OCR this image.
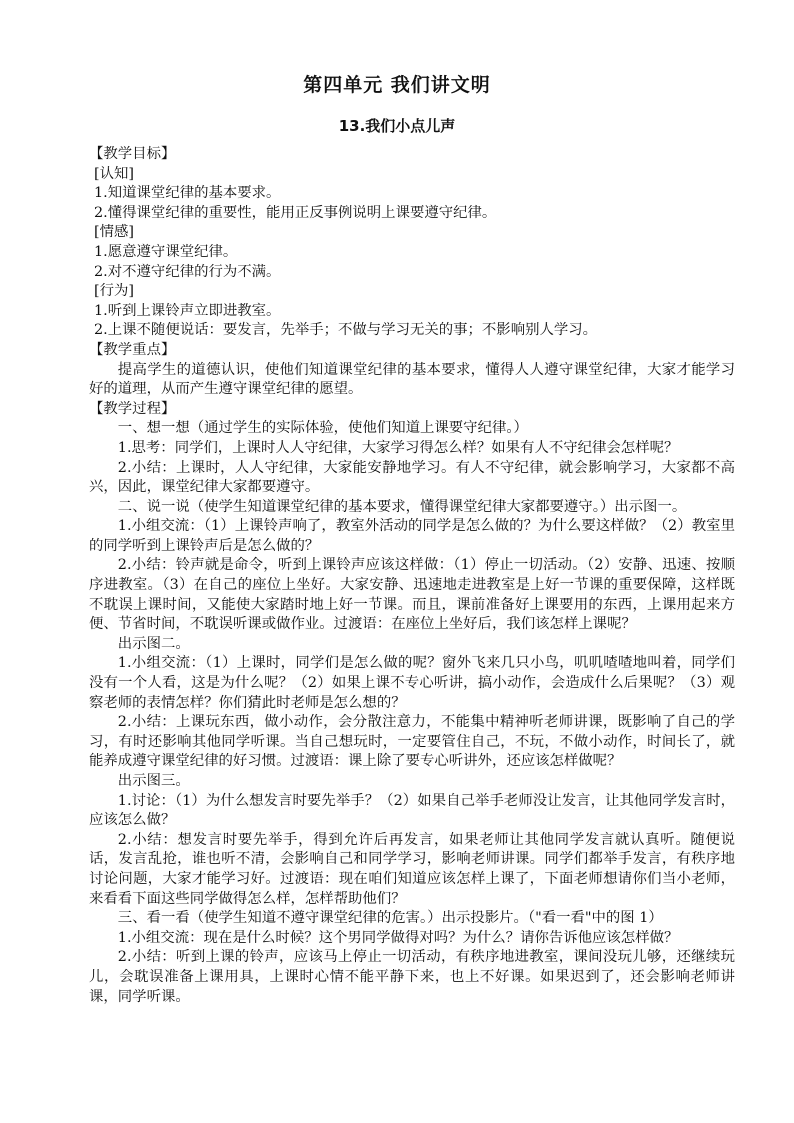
第四单元 我们讲文明
13.我们小点儿声

【教学目标】

[认知]

1.知道课堂纪律的基本要求。

2.懂得课堂纪律的重要性，能用正反事例说明上课要遵守纪律。

[情感]

1.愿意遵守课堂纪律。

2.对不遵守纪律的行为不满。

[行为]

1.听到上课铃声立即进教室。

2.上课不随便说话：要发言，先举手；不做与学习无关的事；不影响别人学习。

【教学重点】

提高学生的道德认识，使他们知道课堂纪律的基本要求，懂得人人遵守课堂纪律，大家才能学习好的道理，从而产生遵守课堂纪律的愿望。

【教学过程】

一、想一想（通过学生的实际体验，使他们知道上课要守纪律。）

1.思考：同学们，上课时人人守纪律，大家学习得怎么样？如果有人不守纪律会怎样呢？

2.小结：上课时，人人守纪律，大家能安静地学习。有人不守纪律，就会影响学习，大家都不高兴，因此，课堂纪律大家都要遵守。

二、说一说（使学生知道课堂纪律的基本要求，懂得课堂纪律大家都要遵守。）出示图一。

1.小组交流：（1）上课铃声响了，教室外活动的同学是怎么做的？为什么要这样做？（2）教室里的同学听到上课铃声后是怎么做的？

2.小结：铃声就是命令，听到上课铃声应该这样做：（1）停止一切活动。（2）安静、迅速、按顺序进教室。（3）在自己的座位上坐好。大家安静、迅速地走进教室是上好一节课的重要保障，这样既不耽误上课时间，又能使大家踏时地上好一节课。而且，课前准备好上课要用的东西，上课用起来方便、节省时间，不耽误听课或做作业。过渡语：在座位上坐好后，我们该怎样上课呢？

出示图二。

1.小组交流：（1）上课时，同学们是怎么做的呢？窗外飞来几只小鸟，叽叽喳喳地叫着，同学们没有一个人看，这是为什么呢？（2）如果上课不专心听讲，搞小动作，会造成什么后果呢？（3）观察老师的表情怎样？你们猜此时老师是怎么想的？

2.小结：上课玩东西，做小动作，会分散注意力，不能集中精神听老师讲课，既影响了自己的学习，有时还影响其他同学听课。当自己想玩时，一定要管住自己，不玩，不做小动作，时间长了，就能养成遵守课堂纪律的好习惯。过渡语：课上除了要专心听讲外，还应该怎样做呢？

出示图三。

1.讨论：（1）为什么想发言时要先举手？（2）如果自己举手老师没让发言，让其他同学发言时，应该怎么做？

2.小结：想发言时要先举手，得到允许后再发言，如果老师让其他同学发言就认真听。随便说话，发言乱抢，谁也听不清，会影响自己和同学学习，影响老师讲课。同学们都举手发言，有秩序地讨论问题，大家才能学习好。过渡语：现在咱们知道应该怎样上课了，下面老师想请你们当小老师，来看看下面这些同学做得怎么样，怎样帮助他们？

三、看一看（使学生知道不遵守课堂纪律的危害。）出示投影片。（"看一看"中的图 1）

1.小组交流：现在是什么时候？这个男同学做得对吗？为什么？请你告诉他应该怎样做？

2.小结：听到上课的铃声，应该马上停止一切活动，有秩序地进教室，课间没玩儿够，还继续玩儿，会耽误准备上课用具，上课时心情不能平静下来，也上不好课。如果迟到了，还会影响老师讲课，同学听课。
